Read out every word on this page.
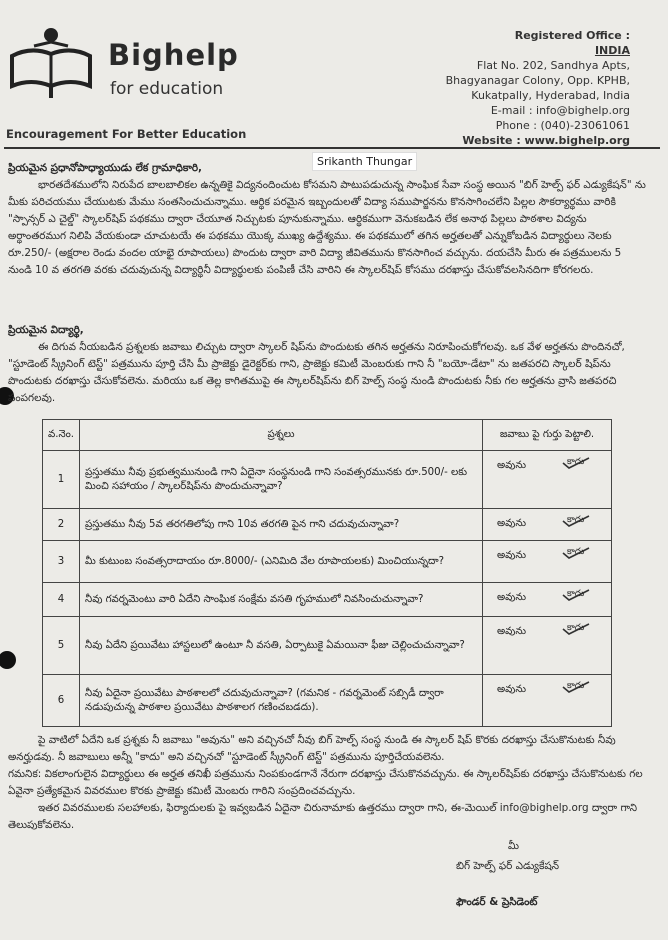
Bighelp
for education
Encouragement For Better Education
Registered Office :
INDIA
Flat No. 202, Sandhya Apts,
Bhagyanagar Colony, Opp. KPHB,
Kukatpally, Hyderabad, India
E-mail : info@bighelp.org
Phone : (040)-23061061
Website : www.bighelp.org
Srikanth Thungar
ప్రియమైన ప్రధానోపాధ్యాయుడు లేక గ్రామాధికారి,

భారతదేశములోని నిరుపేద బాలబాలికల ఉన్నతికై విద్యనందించుట కోసమని పాటుపడుచున్న సాంఘిక సేవా సంస్థ అయిన "బిగ్ హెల్ప్ ఫర్ ఎడ్యుకేషన్" ను మీకు పరిచయము చేయుటకు మేము సంతసించుచున్నాము. ఆర్థిక పరమైన ఇబ్బందులతో విద్యా సముపార్జనను కొనసాగించలేని పిల్లల సౌకర్యార్థము వారికి "స్పాన్సర్ ఎ చైల్డ్" స్కాలర్‌షిప్ పథకము ద్వారా చేయూత నిచ్చుటకు పూనుకున్నాము. ఆర్థికముగా వెనుకబడిన లేక అనాథ పిల్లలు పాఠశాల విద్యను అర్థాంతరముగ నిలిపి వేయకుండా చూచుటయే ఈ పథకము యొక్క ముఖ్య ఉద్దేశ్యము. ఈ పథకములో తగిన అర్హతలతో ఎన్నుకోబడిన విద్యార్థులు నెలకు రూ.250/- (అక్షరాల రెండు వందల యాభై రూపాయలు) పొందుట ద్వారా వారి విద్యా జీవితమును కొనసాగించ వచ్చును. దయచేసి మీరు ఈ పత్రములను 5 నుండి 10 వ తరగతి వరకు చదువుచున్న విద్యార్థినీ విద్యార్థులకు పంపిణీ చేసి వారిని ఈ స్కాలర్‌షిప్ కోసము దరఖాస్తు చేసుకోవలసినదిగా కోరగలరు.

ప్రియమైన విద్యార్థి,

ఈ దిగువ నీయబడిన ప్రశ్నలకు జవాబు లిచ్చుట ద్వారా స్కాలర్ షిప్‌ను పొందుటకు తగిన అర్హతను నిరూపించుకోగలవు. ఒక వేళ అర్హతను పొందినచో, "స్టూడెంట్ స్క్రీనింగ్ టెస్ట్" పత్రమును పూర్తి చేసి మీ ప్రాజెక్టు డైరెక్టర్‌కు గాని, ప్రాజెక్టు కమిటీ మెంబరుకు గాని నీ "బయో-డేటా" ను జతపరచి స్కాలర్ షిప్‌ను పొందుటకు దరఖాస్తు చేసుకోవలెను. మరియు ఒక తెల్ల కాగితముపై ఈ స్కాలర్‌షిప్‌ను బిగ్ హెల్ప్ సంస్థ నుండి పొందుటకు నీకు గల అర్హతను వ్రాసి జతపరచి పంపగలవు.

వ.నెం.	ప్రశ్నలు	జవాబు పై గుర్తు పెట్టాలి.
1	ప్రస్తుతము నీవు ప్రభుత్వమునుండి గాని ఏదైనా సంస్థనుండి గాని సంవత్సరమునకు రూ.500/- లకు మించి సహాయం / స్కాలర్‌షిప్‌ను పొందుచున్నావా?	అవును కాదు

2	ప్రస్తుతము నీవు 5వ తరగతిలోపు గాని 10వ తరగతి పైన గాని చదువుచున్నావా?	అవును కాదు

3	మీ కుటుంబ సంవత్సరాదాయం రూ.8000/- (ఎనిమిది వేల రూపాయలకు) మించియున్నదా?	అవును కాదు

4	నీవు గవర్నమెంటు వారి ఏదేని సాంఘిక సంక్షేమ వసతి గృహములో నివసించుచున్నావా?	అవును కాదు

5	నీవు ఏదేని ప్రయివేటు హాస్టలులో ఉంటూ నీ వసతి, ఏర్పాటుకై ఏమయినా ఫీజు చెల్లించుచున్నావా?	అవును కాదు

6	నీవు ఏదైనా ప్రయివేటు పాఠశాలలో చదువుచున్నావా? (గమనిక - గవర్నమెంట్ సబ్సిడీ ద్వారా నడుపుచున్న పాఠశాల ప్రయివేటు పాఠశాలగ గణించబడదు).	అవును కాదు

పై వాటిలో ఏదేని ఒక ప్రశ్నకు నీ జవాబు "అవును" అని వచ్చినచో నీవు బిగ్ హెల్ప్ సంస్థ నుండి ఈ స్కాలర్ షిప్ కొరకు దరఖాస్తు చేసుకొనుటకు నీవు అనర్హుడవు. నీ జవాబులు అన్నీ "కాదు" అని వచ్చినచో "స్టూడెంట్ స్క్రీనింగ్ టెస్ట్" పత్రమును పూర్తిచేయవలెను.

గమనిక: వికలాంగులైన విద్యార్థులు ఈ అర్హత తనిఖీ పత్రమును నింపకుండగానే నేరుగా దరఖాస్తు చేసుకొనవచ్చును. ఈ స్కాలర్‌షిప్‌కు దరఖాస్తు చేసుకొనుటకు గల ఏవైనా ప్రత్యేకమైన వివరముల కొరకు ప్రాజెక్టు కమిటీ మెంబరు గారిని సంప్రదించవచ్చును.

ఇతర వివరములకు సలహాలకు, ఫిర్యాదులకు పై ఇవ్వబడిన ఏదైనా చిరునామాకు ఉత్తరము ద్వారా గాని, ఈ-మెయిల్ info@bighelp.org ద్వారా గాని తెలుపుకోవలెను.

మీ
బిగ్ హెల్ప్ ఫర్ ఎడ్యుకేషన్
ఫౌండర్ & ప్రెసిడెంట్
